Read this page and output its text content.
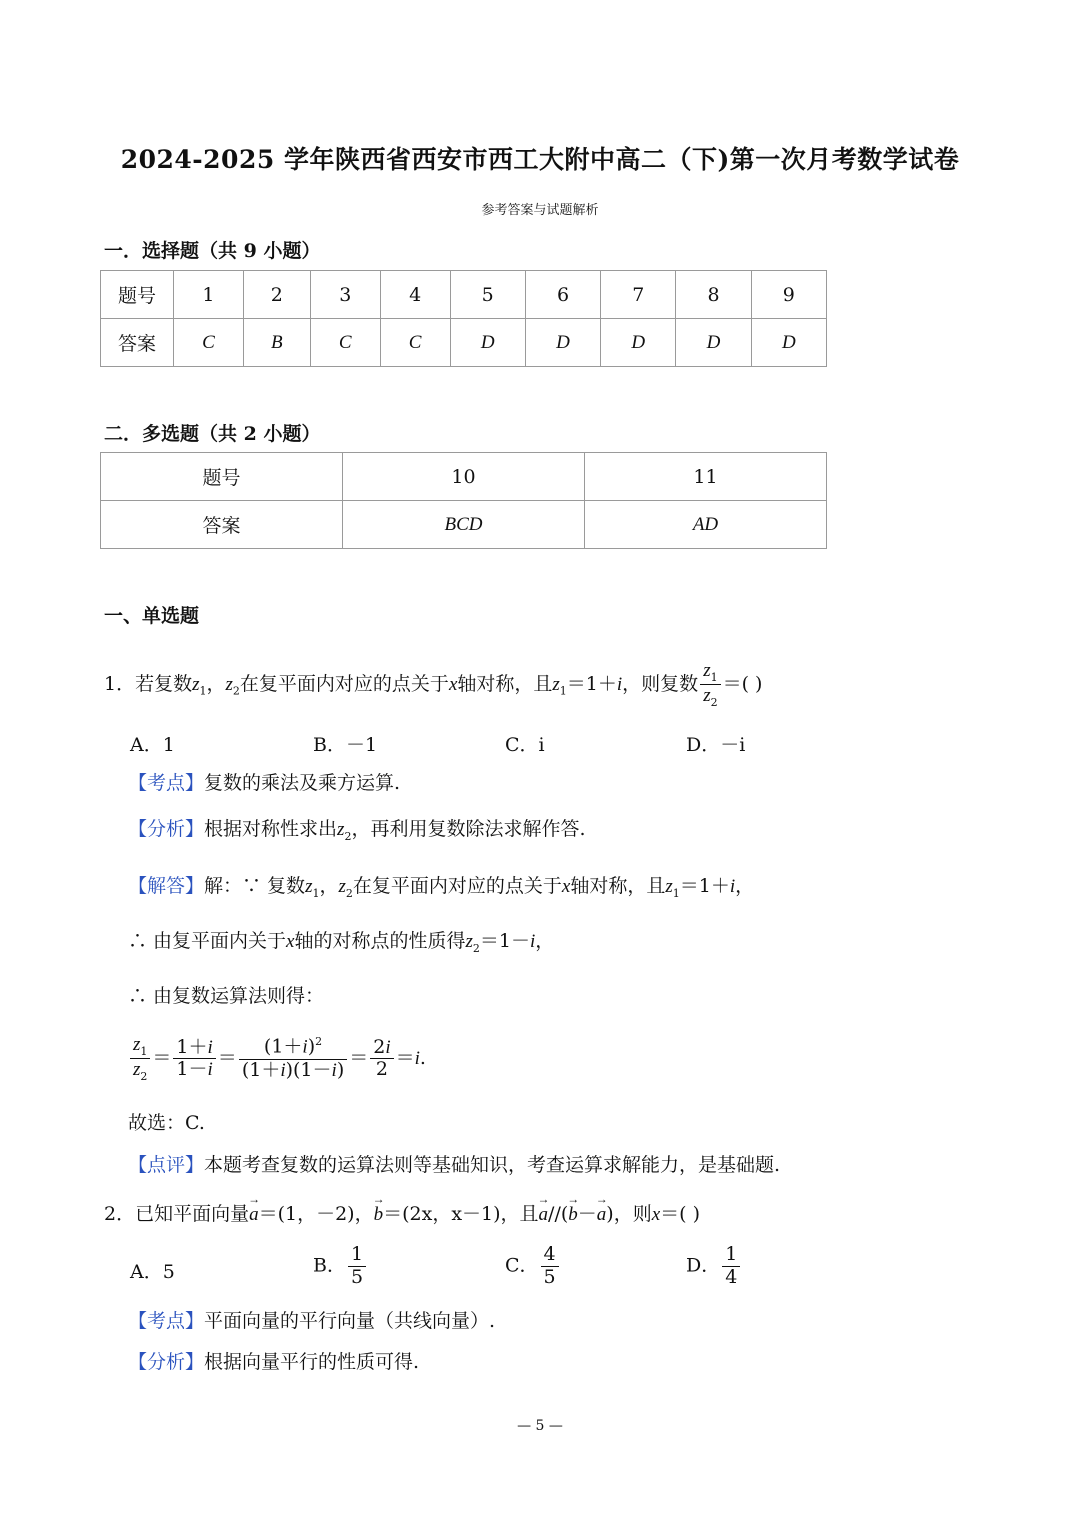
2024-2025 学年陕西省西安市西工大附中高二（下)第一次月考数学试卷
参考答案与试题解析
一．选择题（共 9 小题）
题号	1	2	3	4	5	6	7	8	9
答案	C	B	C	C	D	D	D	D	D
二．多选题（共 2 小题）
题号	10	11
答案	BCD	AD
一、单选题
1．若复数$z_1$，$z_2$在复平面内对应的点关于x轴对称，且$z_1=1+i$，则复数 $\frac{z_1}{z_2}$ ＝( )
A．1	B．－1	C．i	D．－i
【考点】复数的乘法及乘方运算.
【分析】根据对称性求出$z_2$，再利用复数除法求解作答.
【解答】解：∵ 复数$z_1$，$z_2$在复平面内对应的点关于x轴对称，且$z_1=1+i$，
∴ 由复平面内关于x轴的对称点的性质得$z_2=1-i$，
∴ 由复数运算法则得：
$\frac{z_1}{z_2} = \frac{1+i}{1-i} = \frac{(1+i)^2}{(1+i)(1-i)} = \frac{2i}{2} =i$.
故选：C.
【点评】本题考查复数的运算法则等基础知识，考查运算求解能力，是基础题.
2．已知平面向量→ a＝(1，－2)，→ b＝(2x，x－1)，且→ a//(→ b－→ a)，则x＝( )
A．5	B． $\frac{1}{5}$	C． $\frac{4}{5}$	D． $\frac{1}{4}$
【考点】平面向量的平行向量（共线向量）.
【分析】根据向量平行的性质可得.
— 5 —
